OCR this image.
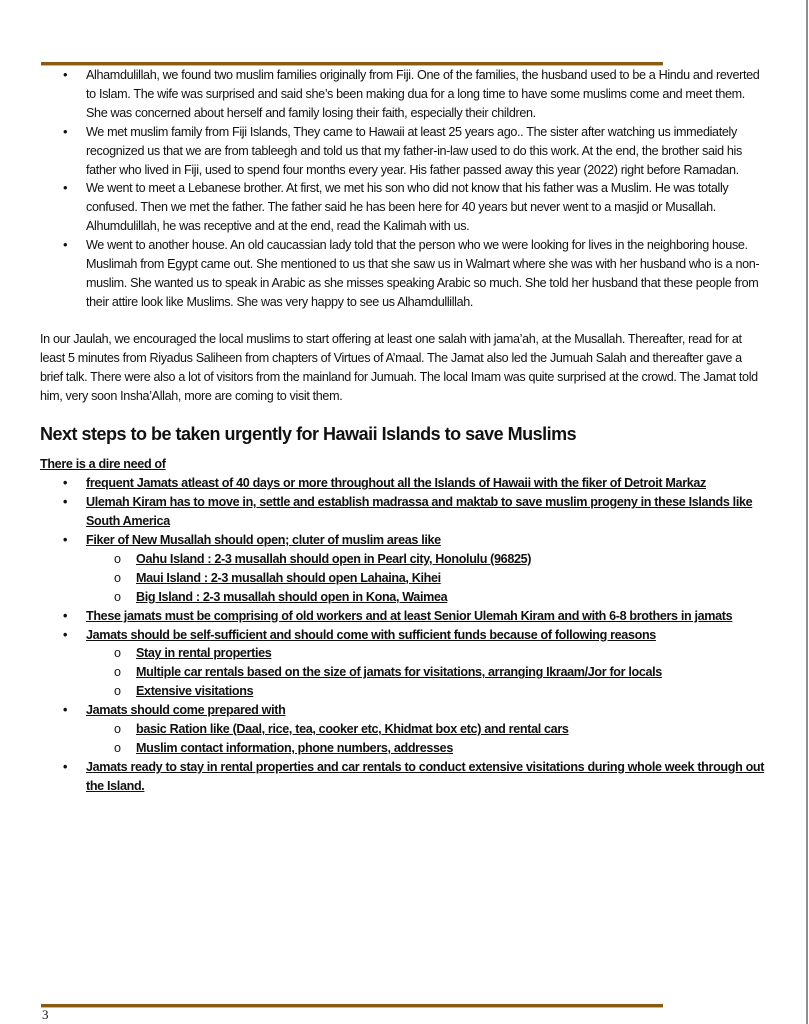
• Alhamdulillah, we found two muslim families originally from Fiji. One of the families, the husband used to be a Hindu and reverted to Islam. The wife was surprised and said she’s been making dua for a long time to have some muslims come and meet them. She was concerned about herself and family losing their faith, especially their children.
• We met muslim family from Fiji Islands, They came to Hawaii at least 25 years ago.. The sister after watching us immediately recognized us that we are from tableegh and told us that my father-in-law used to do this work. At the end, the brother said his father who lived in Fiji, used to spend four months every year. His father passed away this year (2022) right before Ramadan.
• We went to meet a Lebanese brother. At first, we met his son who did not know that his father was a Muslim. He was totally confused. Then we met the father. The father said he has been here for 40 years but never went to a masjid or Musallah. Alhumdulillah, he was receptive and at the end, read the Kalimah with us.
• We went to another house. An old caucassian lady told that the person who we were looking for lives in the neighboring house. Muslimah from Egypt came out. She mentioned to us that she saw us in Walmart where she was with her husband who is a non-muslim. She wanted us to speak in Arabic as she misses speaking Arabic so much. She told her husband that these people from their attire look like Muslims. She was very happy to see us Alhamdullillah.

In our Jaulah, we encouraged the local muslims to start offering at least one salah with jama’ah, at the Musallah. Thereafter, read for at least 5 minutes from Riyadus Saliheen from chapters of Virtues of A’maal. The Jamat also led the Jumuah Salah and thereafter gave a brief talk. There were also a lot of visitors from the mainland for Jumuah. The local Imam was quite surprised at the crowd. The Jamat told him, very soon Insha’Allah, more are coming to visit them.

Next steps to be taken urgently for Hawaii Islands to save Muslims
There is a dire need of
• frequent Jamats atleast of 40 days or more throughout all the Islands of Hawaii with the fiker of Detroit Markaz
• Ulemah Kiram has to move in, settle and establish madrassa and maktab to save muslim progeny in these Islands like South America
• Fiker of New Musallah should open; cluter of muslim areas like
o Oahu Island : 2-3 musallah should open in Pearl city, Honolulu (96825)
o Maui Island : 2-3 musallah should open Lahaina, Kihei
o Big Island : 2-3 musallah should open in Kona, Waimea
• These jamats must be comprising of old workers and at least Senior Ulemah Kiram and with 6-8 brothers in jamats
• Jamats should be self-sufficient and should come with sufficient funds because of following reasons
o Stay in rental properties
o Multiple car rentals based on the size of jamats for visitations, arranging Ikraam/Jor for locals
o Extensive visitations
• Jamats should come prepared with
o basic Ration like (Daal, rice, tea, cooker etc, Khidmat box etc) and rental cars
o Muslim contact information, phone numbers, addresses
• Jamats ready to stay in rental properties and car rentals to conduct extensive visitations during whole week through out the Island.
3
